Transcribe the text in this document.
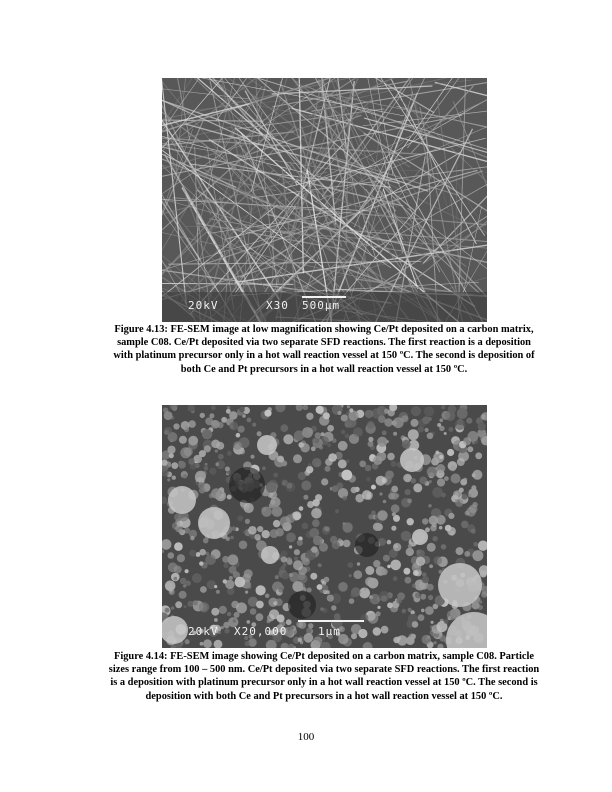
20kV	X30 500µm

Figure 4.13: FE-SEM image at low magnification showing Ce/Pt deposited on a carbon matrix, sample C08. Ce/Pt deposited via two separate SFD reactions. The first reaction is a deposition with platinum precursor only in a hot wall reaction vessel at 150 ºC. The second is deposition of both Ce and Pt precursors in a hot wall reaction vessel at 150 ºC.

20kV X20,000	1µm

Figure 4.14: FE-SEM image showing Ce/Pt deposited on a carbon matrix, sample C08. Particle sizes range from 100 – 500 nm. Ce/Pt deposited via two separate SFD reactions. The first reaction is a deposition with platinum precursor only in a hot wall reaction vessel at 150 ºC. The second is deposition with both Ce and Pt precursors in a hot wall reaction vessel at 150 ºC.

100
